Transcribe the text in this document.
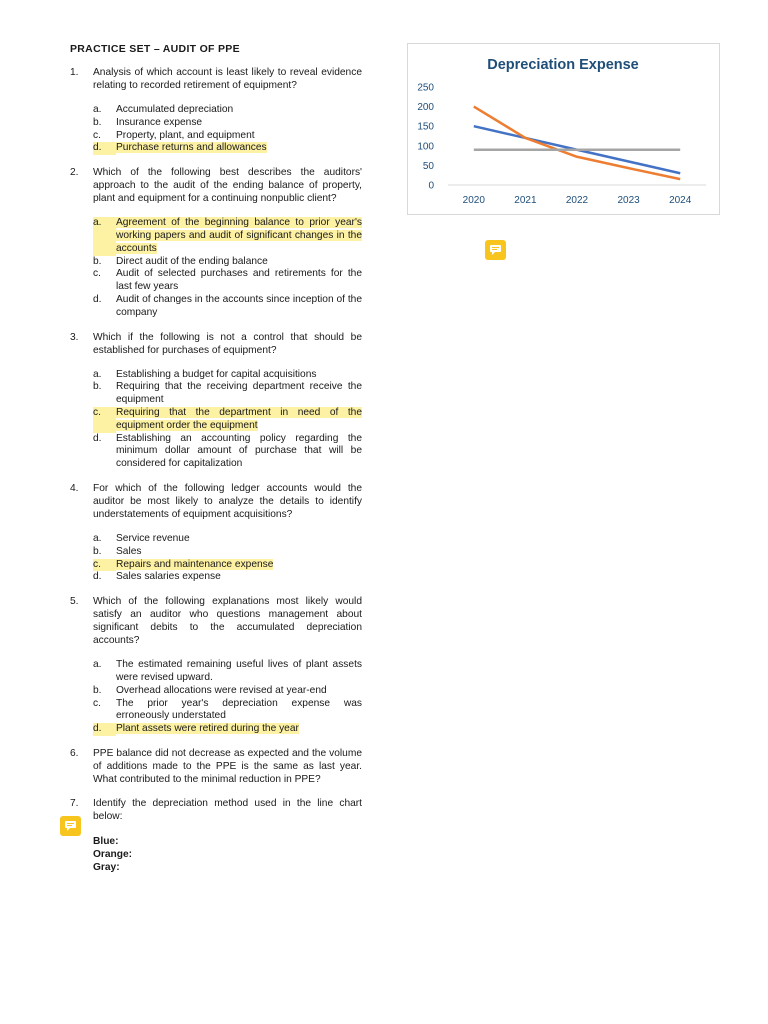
PRACTICE SET – AUDIT OF PPE
1.	Analysis of which account is least likely to reveal evidence relating to recorded retirement of equipment?
a.	Accumulated depreciation
b.	Insurance expense
c.	Property, plant, and equipment
d.	Purchase returns and allowances
2.	Which of the following best describes the auditors' approach to the audit of the ending balance of property, plant and equipment for a continuing nonpublic client?
a.	Agreement of the beginning balance to prior year's working papers and audit of significant changes in the accounts
b.	Direct audit of the ending balance
c.	Audit of selected purchases and retirements for the last few years
d.	Audit of changes in the accounts since inception of the company
3.	Which if the following is not a control that should be established for purchases of equipment?
a.	Establishing a budget for capital acquisitions
b.	Requiring that the receiving department receive the equipment
c.	Requiring that the department in need of the equipment order the equipment
d.	Establishing an accounting policy regarding the minimum dollar amount of purchase that will be considered for capitalization
4.	For which of the following ledger accounts would the auditor be most likely to analyze the details to identify understatements of equipment acquisitions?
a.	Service revenue
b.	Sales
c.	Repairs and maintenance expense
d.	Sales salaries expense
5.	Which of the following explanations most likely would satisfy an auditor who questions management about significant debits to the accumulated depreciation accounts?
a.	The estimated remaining useful lives of plant assets were revised upward.
b.	Overhead allocations were revised at year-end
c.	The prior year's depreciation expense was erroneously understated
d.	Plant assets were retired during the year
6.	PPE balance did not decrease as expected and the volume of additions made to the PPE is the same as last year. What contributed to the minimal reduction in PPE?
7.	Identify the depreciation method used in the line chart below:
Blue:
Orange:
Gray:
Depreciation Expense
0
50
100
150
200
250
2020	2021	2022	2023	2024
